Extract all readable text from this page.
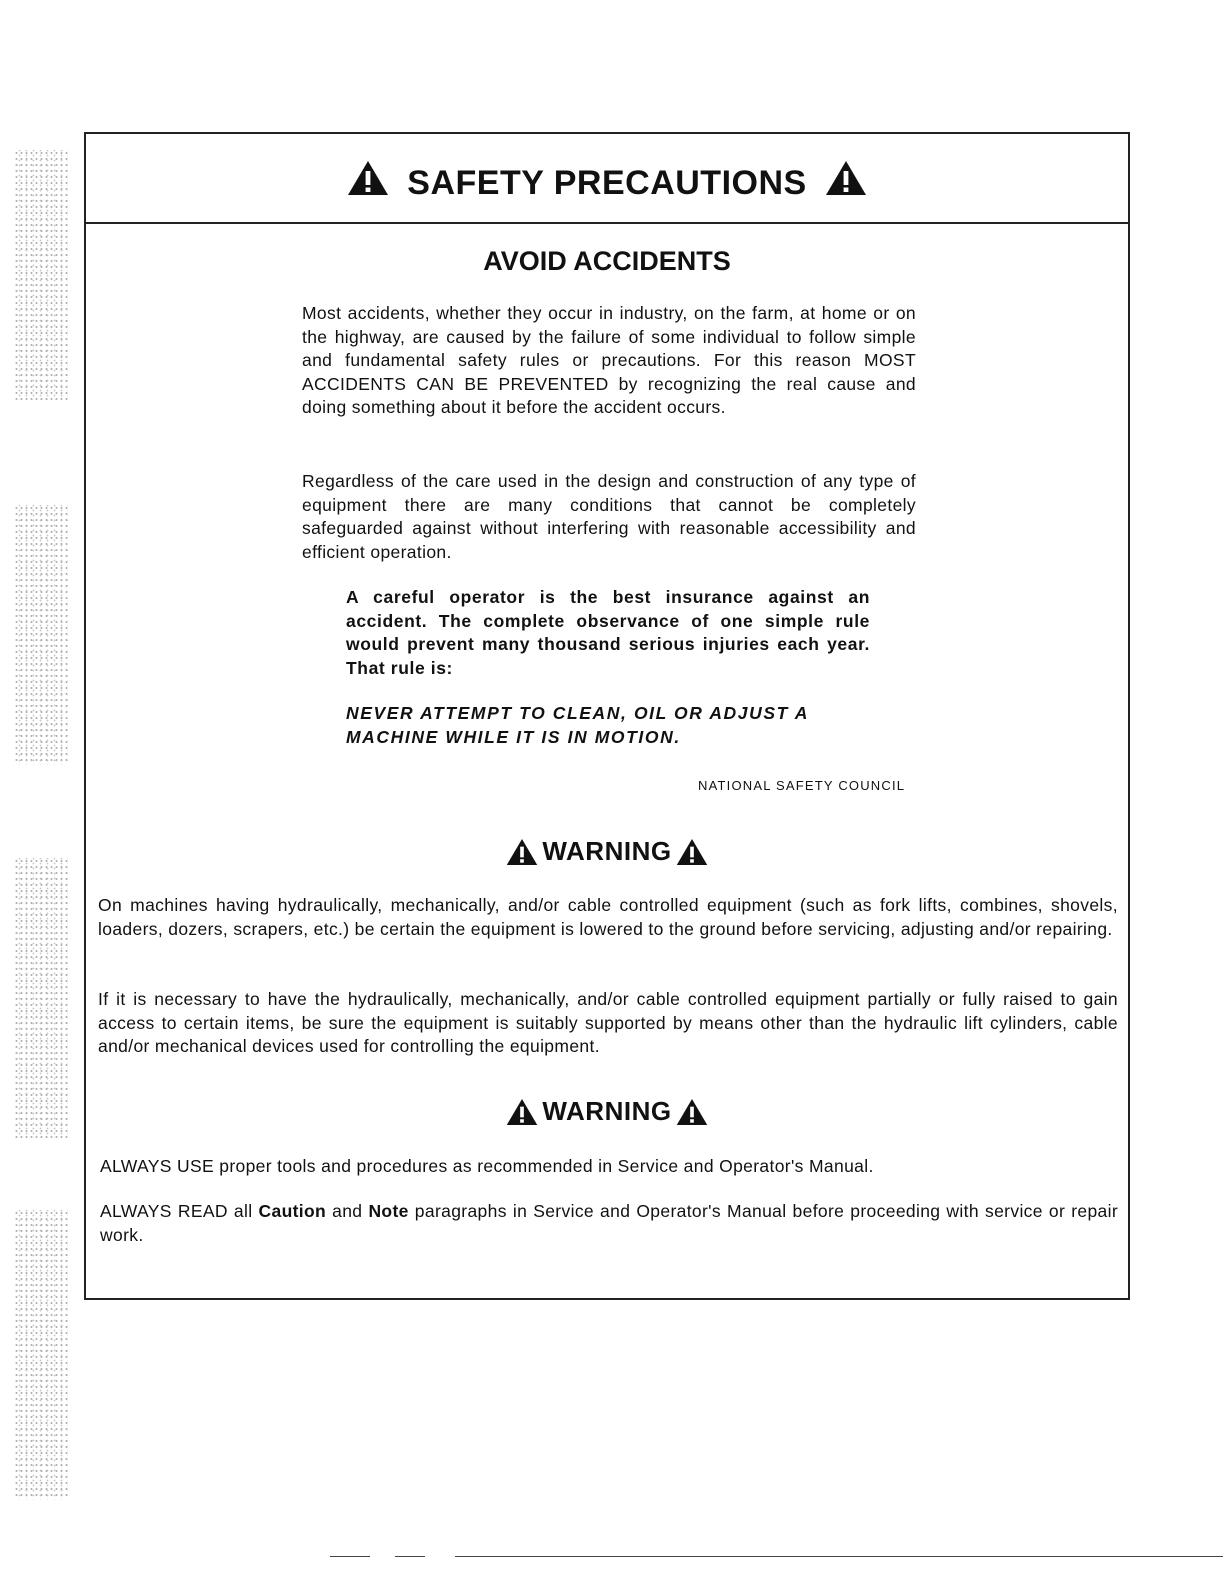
SAFETY PRECAUTIONS
AVOID ACCIDENTS

Most accidents, whether they occur in industry, on the farm, at home or on the highway, are caused by the failure of some individual to follow simple and fundamental safety rules or precautions. For this reason MOST ACCIDENTS CAN BE PREVENTED by recognizing the real cause and doing something about it before the accident occurs.

Regardless of the care used in the design and construction of any type of equipment there are many conditions that cannot be completely safeguarded against without interfering with reasonable accessibility and efficient operation.

A careful operator is the best insurance against an accident. The complete observance of one simple rule would prevent many thousand serious injuries each year. That rule is:

NEVER ATTEMPT TO CLEAN, OIL OR ADJUST A MACHINE WHILE IT IS IN MOTION.

NATIONAL SAFETY COUNCIL
WARNING

On machines having hydraulically, mechanically, and/or cable controlled equipment (such as fork lifts, combines, shovels, loaders, dozers, scrapers, etc.) be certain the equipment is lowered to the ground before servicing, adjusting and/or repairing.

If it is necessary to have the hydraulically, mechanically, and/or cable controlled equipment partially or fully raised to gain access to certain items, be sure the equipment is suitably supported by means other than the hydraulic lift cylinders, cable and/or mechanical devices used for controlling the equipment.

WARNING

ALWAYS USE proper tools and procedures as recommended in Service and Operator's Manual.

ALWAYS READ all Caution and Note paragraphs in Service and Operator's Manual before proceeding with service or repair work.
